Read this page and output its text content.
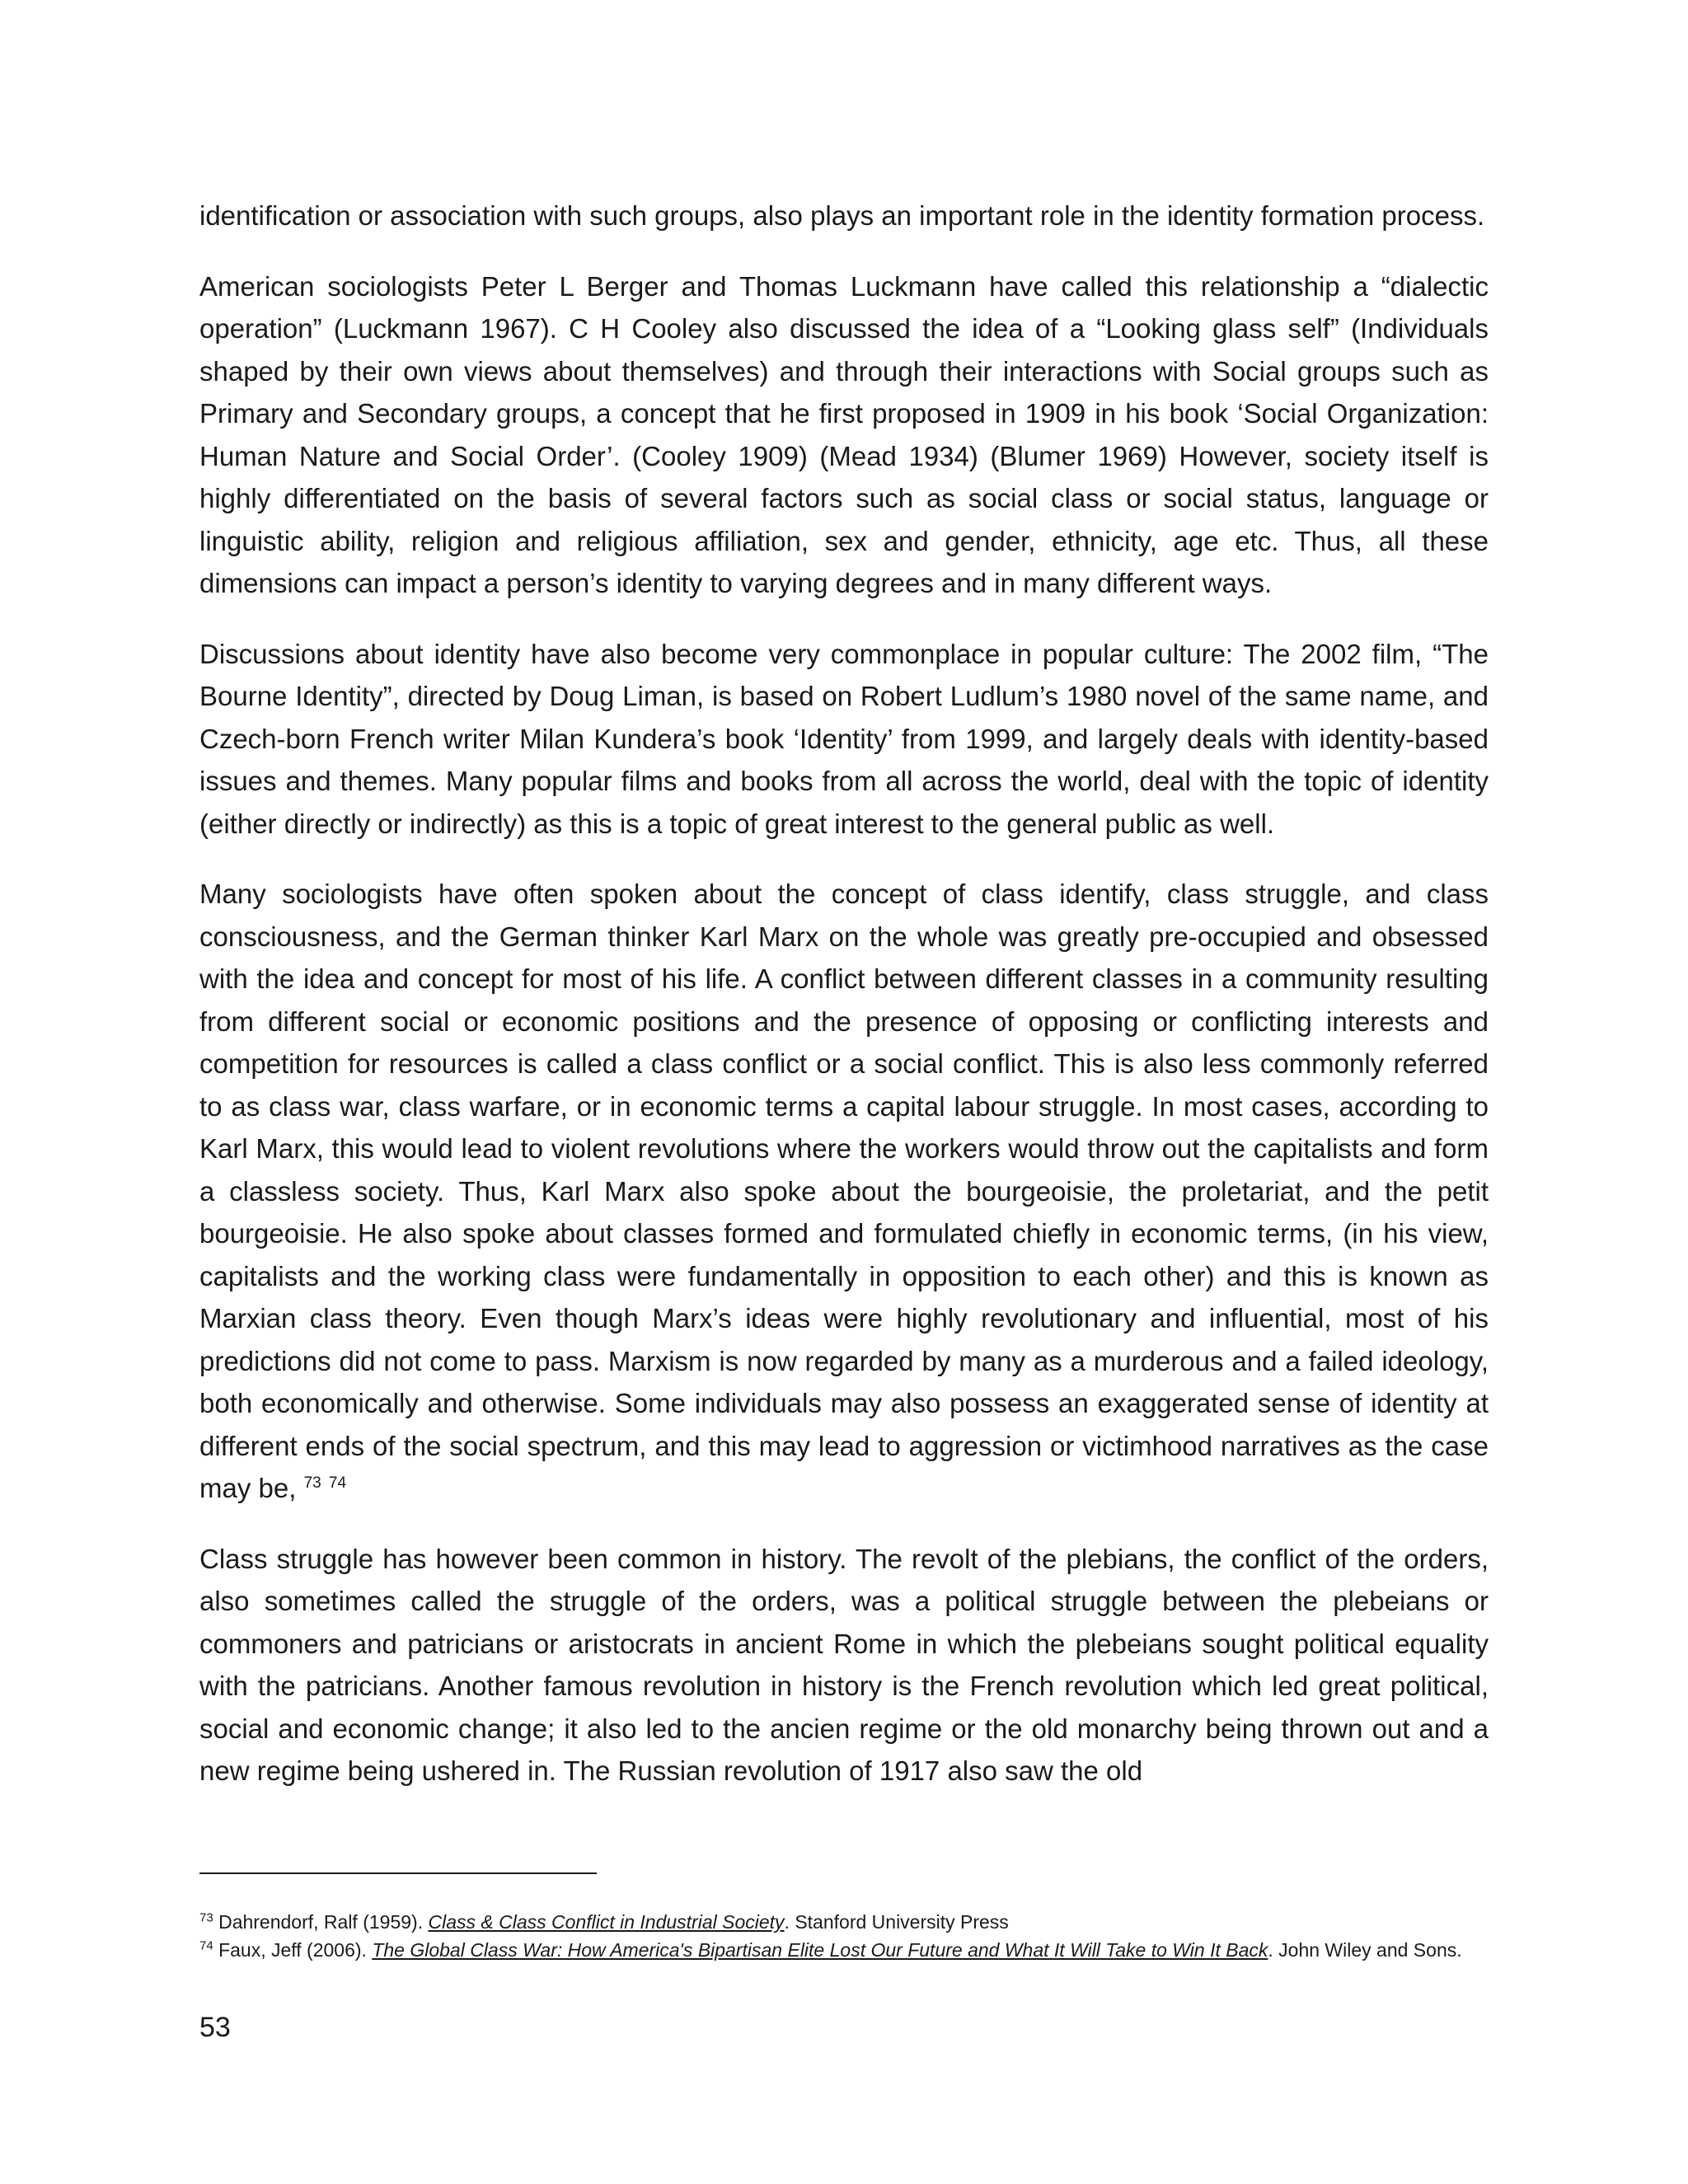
identification or association with such groups, also plays an important role in the identity formation process.

American sociologists Peter L Berger and Thomas Luckmann have called this relationship a “dialectic operation” (Luckmann 1967). C H Cooley also discussed the idea of a “Looking glass self” (Individuals shaped by their own views about themselves) and through their interactions with Social groups such as Primary and Secondary groups, a concept that he first proposed in 1909 in his book ‘Social Organization: Human Nature and Social Order’. (Cooley 1909) (Mead 1934) (Blumer 1969) However, society itself is highly differentiated on the basis of several factors such as social class or social status, language or linguistic ability, religion and religious affiliation, sex and gender, ethnicity, age etc. Thus, all these dimensions can impact a person’s identity to varying degrees and in many different ways.

Discussions about identity have also become very commonplace in popular culture: The 2002 film, “The Bourne Identity”, directed by Doug Liman, is based on Robert Ludlum’s 1980 novel of the same name, and Czech-born French writer Milan Kundera’s book ‘Identity’ from 1999, and largely deals with identity-based issues and themes. Many popular films and books from all across the world, deal with the topic of identity (either directly or indirectly) as this is a topic of great interest to the general public as well.

Many sociologists have often spoken about the concept of class identify, class struggle, and class consciousness, and the German thinker Karl Marx on the whole was greatly pre-occupied and obsessed with the idea and concept for most of his life. A conflict between different classes in a community resulting from different social or economic positions and the presence of opposing or conflicting interests and competition for resources is called a class conflict or a social conflict. This is also less commonly referred to as class war, class warfare, or in economic terms a capital labour struggle. In most cases, according to Karl Marx, this would lead to violent revolutions where the workers would throw out the capitalists and form a classless society. Thus, Karl Marx also spoke about the bourgeoisie, the proletariat, and the petit bourgeoisie. He also spoke about classes formed and formulated chiefly in economic terms, (in his view, capitalists and the working class were fundamentally in opposition to each other) and this is known as Marxian class theory. Even though Marx’s ideas were highly revolutionary and influential, most of his predictions did not come to pass. Marxism is now regarded by many as a murderous and a failed ideology, both economically and otherwise. Some individuals may also possess an exaggerated sense of identity at different ends of the social spectrum, and this may lead to aggression or victimhood narratives as the case may be, $^{73}$ $^{74}$

Class struggle has however been common in history. The revolt of the plebians, the conflict of the orders, also sometimes called the struggle of the orders, was a political struggle between the plebeians or commoners and patricians or aristocrats in ancient Rome in which the plebeians sought political equality with the patricians. Another famous revolution in history is the French revolution which led great political, social and economic change; it also led to the ancien regime or the old monarchy being thrown out and a new regime being ushered in. The Russian revolution of 1917 also saw the old

$^{73}$ Dahrendorf, Ralf (1959). Class & Class Conflict in Industrial Society. Stanford University Press
$^{74}$ Faux, Jeff (2006). The Global Class War: How America's Bipartisan Elite Lost Our Future and What It Will Take to Win It Back. John Wiley and Sons.
53
